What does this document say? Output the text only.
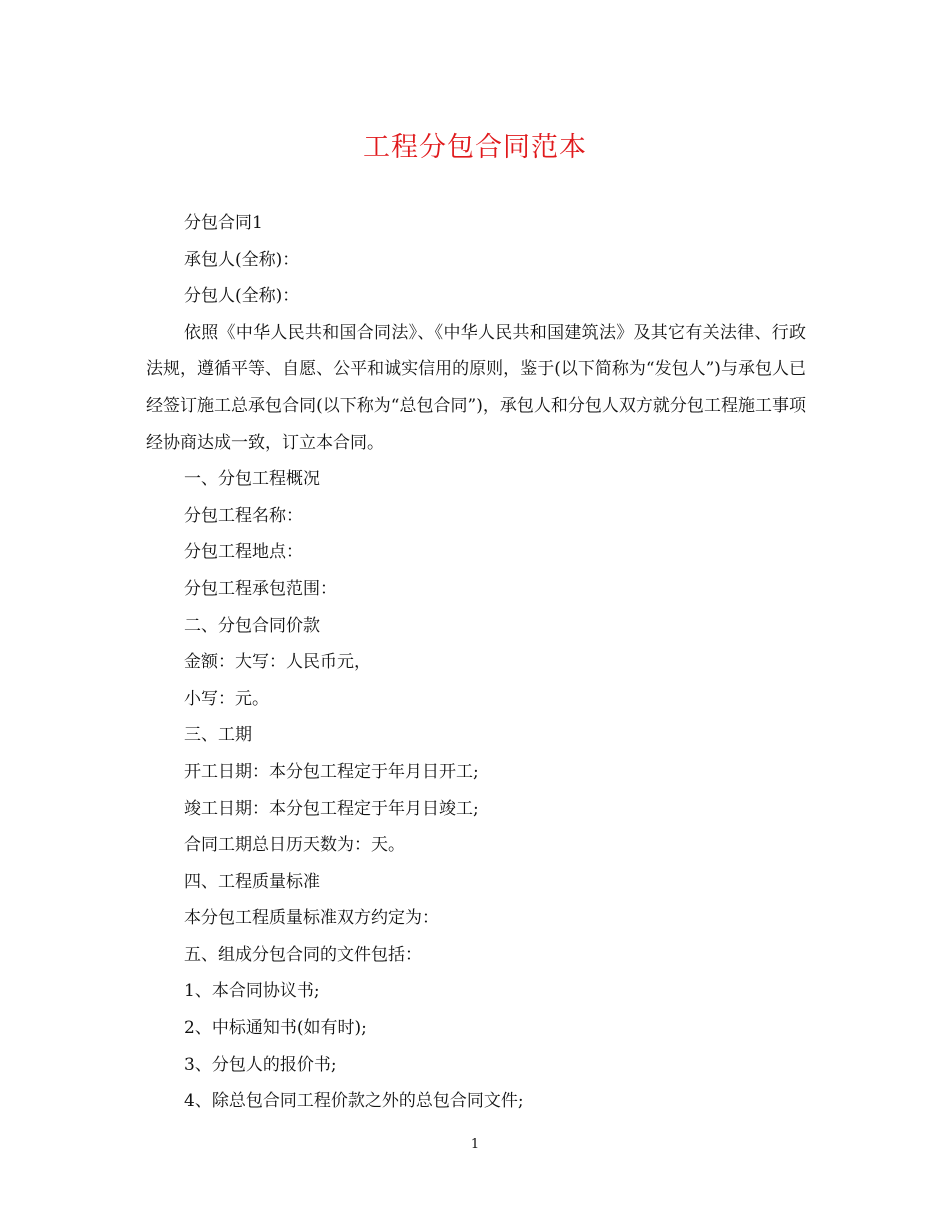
工程分包合同范本
分包合同1
承包人(全称)：
分包人(全称)：
依照《中华人民共和国合同法》、《中华人民共和国建筑法》及其它有关法律、行政法规，遵循平等、自愿、公平和诚实信用的原则，鉴于(以下简称为“发包人”)与承包人已经签订施工总承包合同(以下称为“总包合同”)，承包人和分包人双方就分包工程施工事项经协商达成一致，订立本合同。
一、分包工程概况
分包工程名称：
分包工程地点：
分包工程承包范围：
二、分包合同价款
金额：大写：人民币元，
小写：元。
三、工期
开工日期：本分包工程定于年月日开工;
竣工日期：本分包工程定于年月日竣工;
合同工期总日历天数为：天。
四、工程质量标准
本分包工程质量标准双方约定为：
五、组成分包合同的文件包括：
1、本合同协议书;
2、中标通知书(如有时);
3、分包人的报价书;
4、除总包合同工程价款之外的总包合同文件;
1
